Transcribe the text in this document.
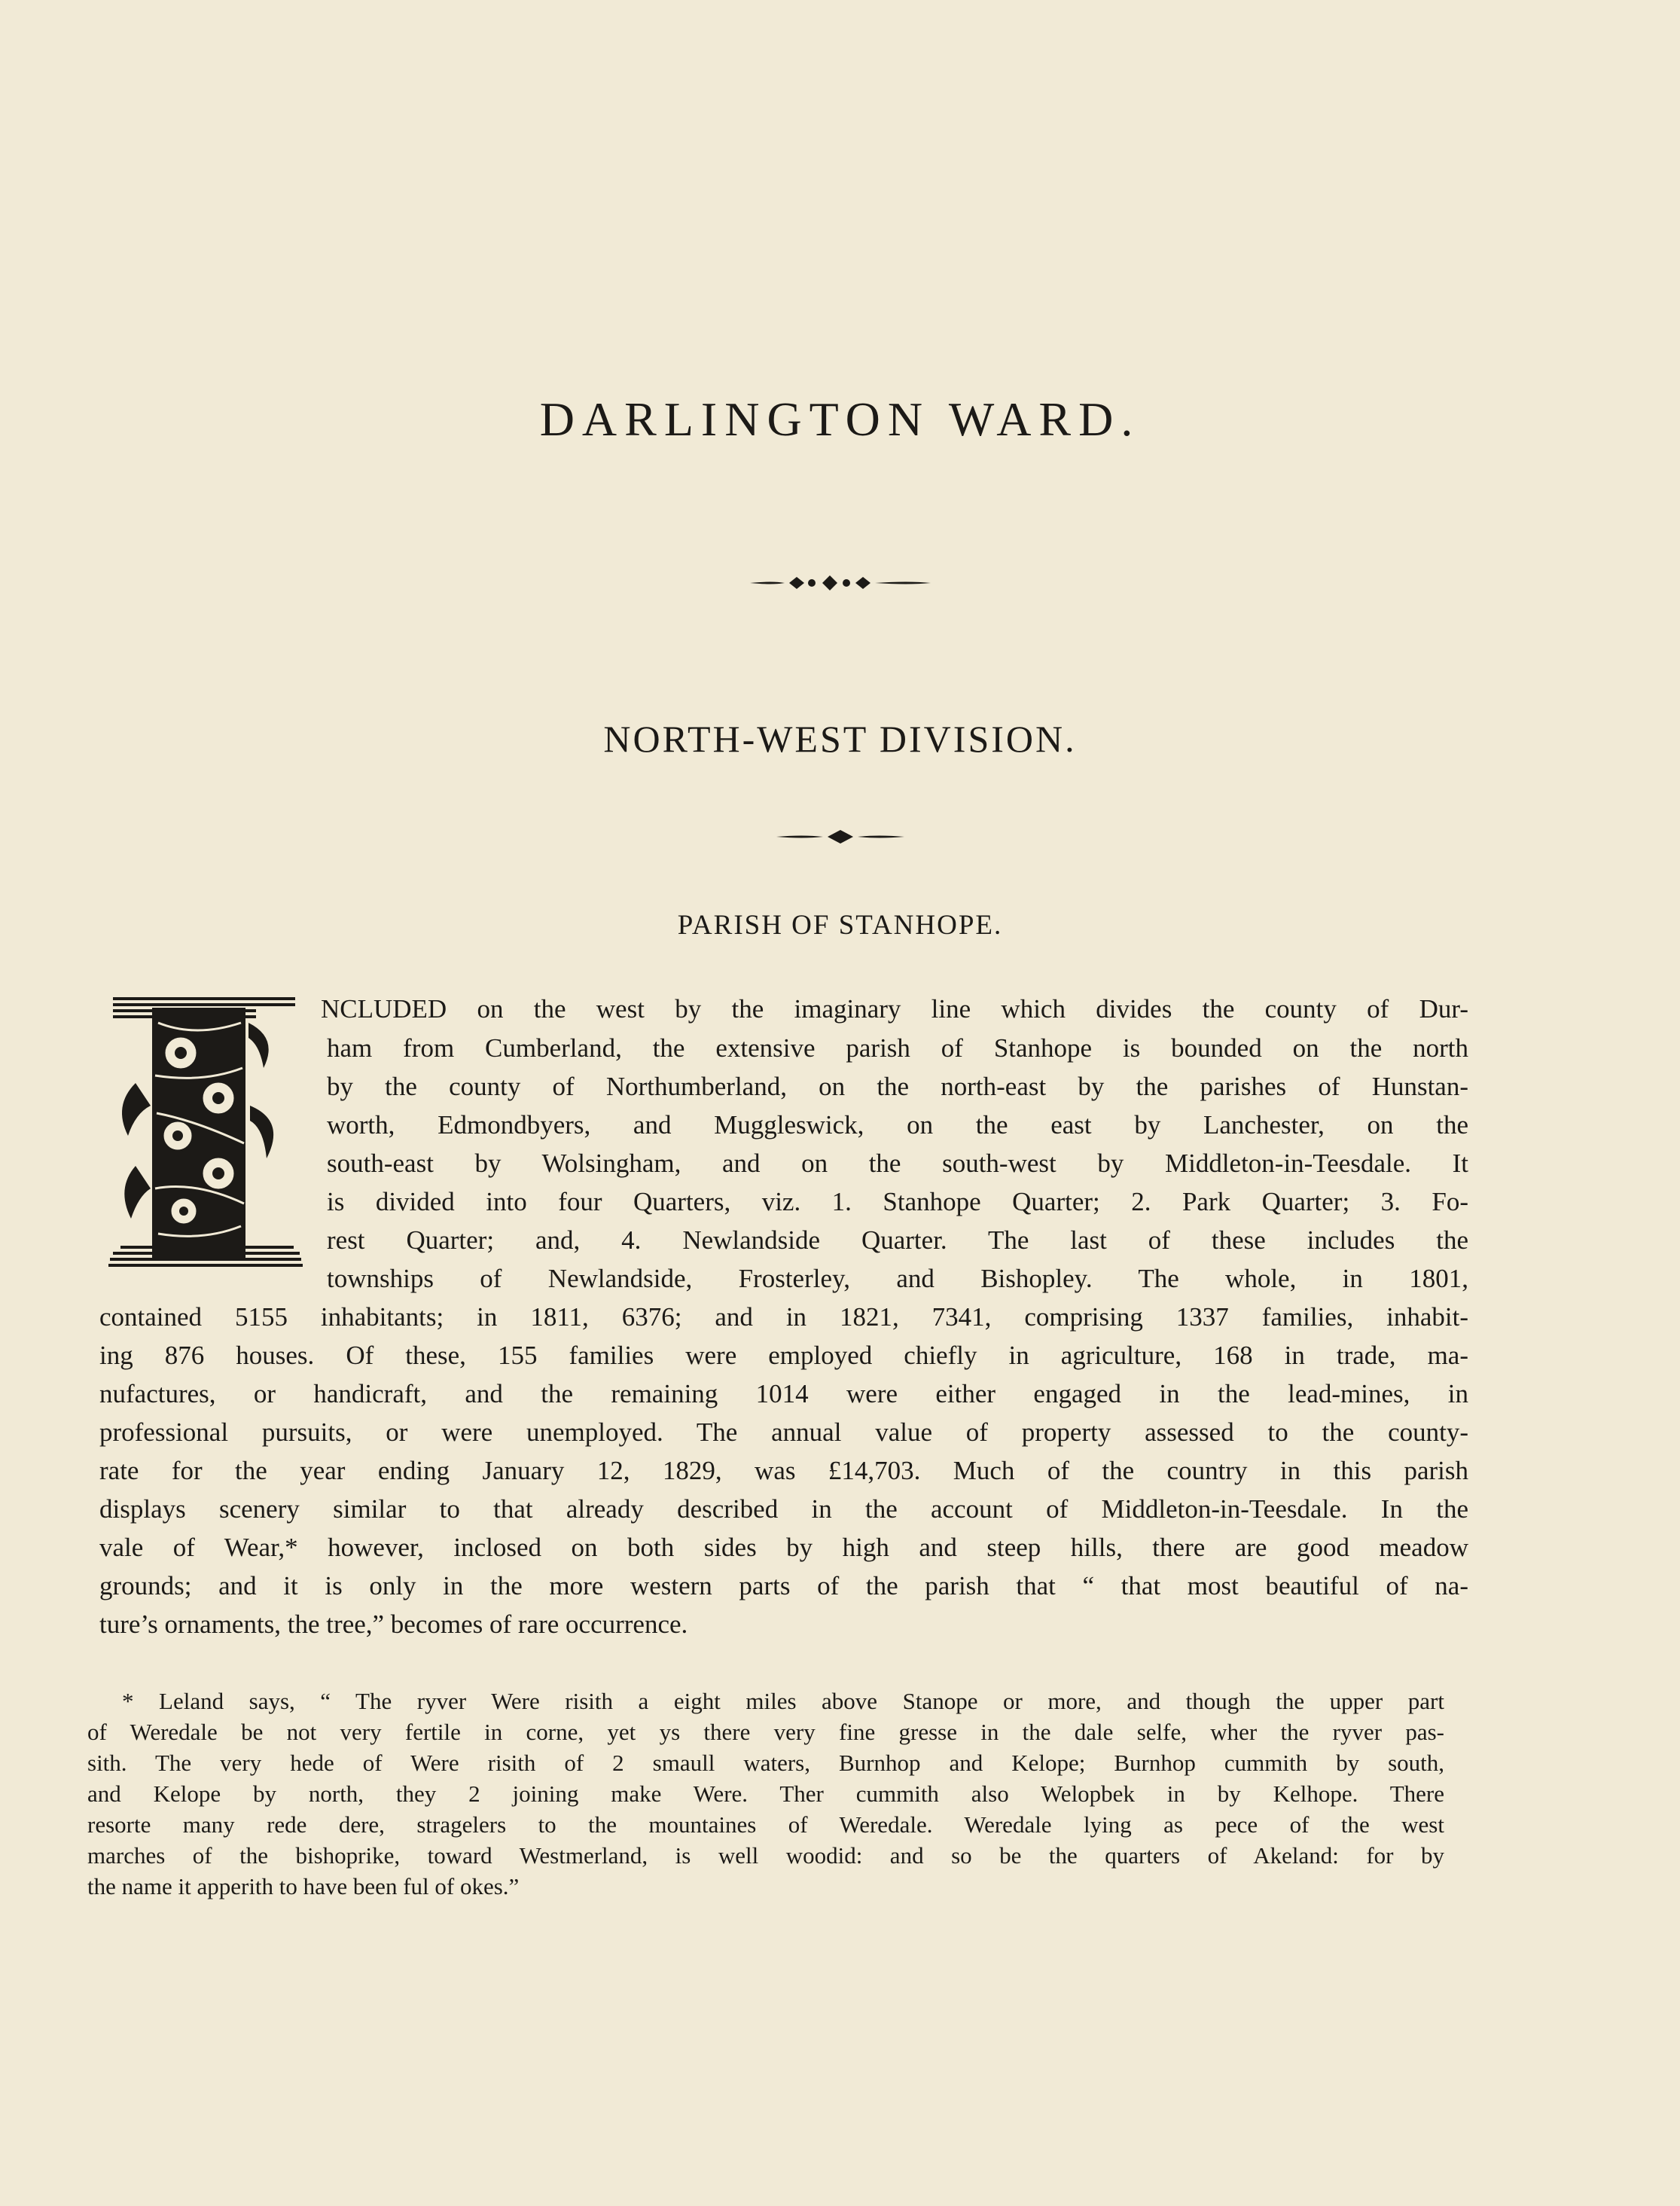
DARLINGTON WARD.
NORTH-WEST DIVISION.
PARISH OF STANHOPE.
NCLUDED on the west by the imaginary line which divides the county of Dur-
ham from Cumberland, the extensive parish of Stanhope is bounded on the north
by the county of Northumberland, on the north-east by the parishes of Hunstan-
worth, Edmondbyers, and Muggleswick, on the east by Lanchester, on the
south-east by Wolsingham, and on the south-west by Middleton-in-Teesdale. It
is divided into four Quarters, viz. 1. Stanhope Quarter; 2. Park Quarter; 3. Fo-
rest Quarter; and, 4. Newlandside Quarter. The last of these includes the
townships of Newlandside, Frosterley, and Bishopley. The whole, in 1801,
contained 5155 inhabitants; in 1811, 6376; and in 1821, 7341, comprising 1337 families, inhabit-
ing 876 houses. Of these, 155 families were employed chiefly in agriculture, 168 in trade, ma-
nufactures, or handicraft, and the remaining 1014 were either engaged in the lead-mines, in
professional pursuits, or were unemployed. The annual value of property assessed to the county-
rate for the year ending January 12, 1829, was £14,703. Much of the country in this parish
displays scenery similar to that already described in the account of Middleton-in-Teesdale. In the
vale of Wear,* however, inclosed on both sides by high and steep hills, there are good meadow
grounds; and it is only in the more western parts of the parish that “ that most beautiful of na-
ture’s ornaments, the tree,” becomes of rare occurrence.
* Leland says, “ The ryver Were risith a eight miles above Stanope or more, and though the upper part
of Weredale be not very fertile in corne, yet ys there very fine gresse in the dale selfe, wher the ryver pas-
sith. The very hede of Were risith of 2 smaull waters, Burnhop and Kelope; Burnhop cummith by south,
and Kelope by north, they 2 joining make Were. Ther cummith also Welopbek in by Kelhope. There
resorte many rede dere, stragelers to the mountaines of Weredale. Weredale lying as pece of the west
marches of the bishoprike, toward Westmerland, is well woodid: and so be the quarters of Akeland: for by
the name it apperith to have been ful of okes.”
